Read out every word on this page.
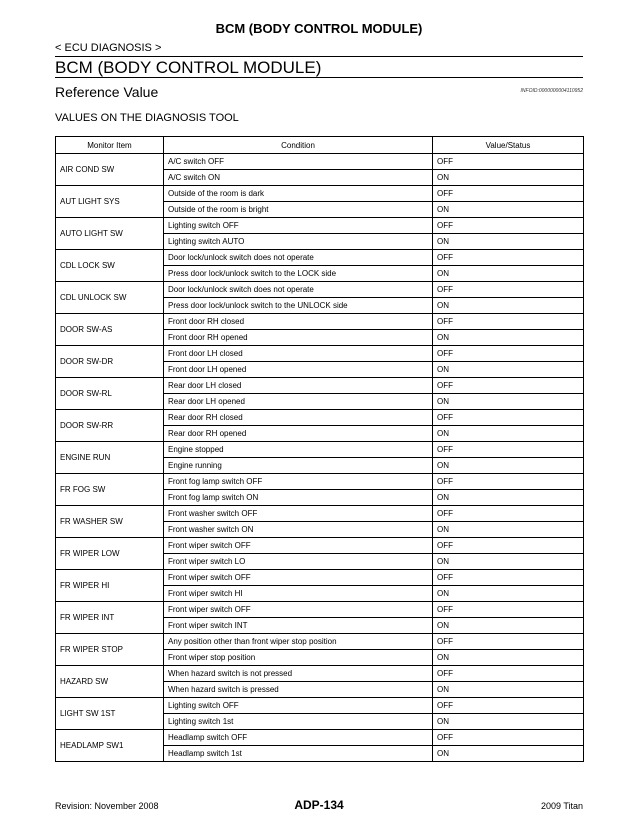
BCM (BODY CONTROL MODULE)
< ECU DIAGNOSIS >
BCM (BODY CONTROL MODULE)
Reference Value	INFOID:0000000004110952
VALUES ON THE DIAGNOSIS TOOL
Monitor Item	Condition	Value/Status
AIR COND SW	A/C switch OFF	OFF
	A/C switch ON	ON
AUT LIGHT SYS	Outside of the room is dark	OFF
	Outside of the room is bright	ON
AUTO LIGHT SW	Lighting switch OFF	OFF
	Lighting switch AUTO	ON
CDL LOCK SW	Door lock/unlock switch does not operate	OFF
	Press door lock/unlock switch to the LOCK side	ON
CDL UNLOCK SW	Door lock/unlock switch does not operate	OFF
	Press door lock/unlock switch to the UNLOCK side	ON
DOOR SW-AS	Front door RH closed	OFF
	Front door RH opened	ON
DOOR SW-DR	Front door LH closed	OFF
	Front door LH opened	ON
DOOR SW-RL	Rear door LH closed	OFF
	Rear door LH opened	ON
DOOR SW-RR	Rear door RH closed	OFF
	Rear door RH opened	ON
ENGINE RUN	Engine stopped	OFF
	Engine running	ON
FR FOG SW	Front fog lamp switch OFF	OFF
	Front fog lamp switch ON	ON
FR WASHER SW	Front washer switch OFF	OFF
	Front washer switch ON	ON
FR WIPER LOW	Front wiper switch OFF	OFF
	Front wiper switch LO	ON
FR WIPER HI	Front wiper switch OFF	OFF
	Front wiper switch HI	ON
FR WIPER INT	Front wiper switch OFF	OFF
	Front wiper switch INT	ON
FR WIPER STOP	Any position other than front wiper stop position	OFF
	Front wiper stop position	ON
HAZARD SW	When hazard switch is not pressed	OFF
	When hazard switch is pressed	ON
LIGHT SW 1ST	Lighting switch OFF	OFF
	Lighting switch 1st	ON
HEADLAMP SW1	Headlamp switch OFF	OFF
	Headlamp switch 1st	ON
Revision: November 2008	ADP-134	2009 Titan
